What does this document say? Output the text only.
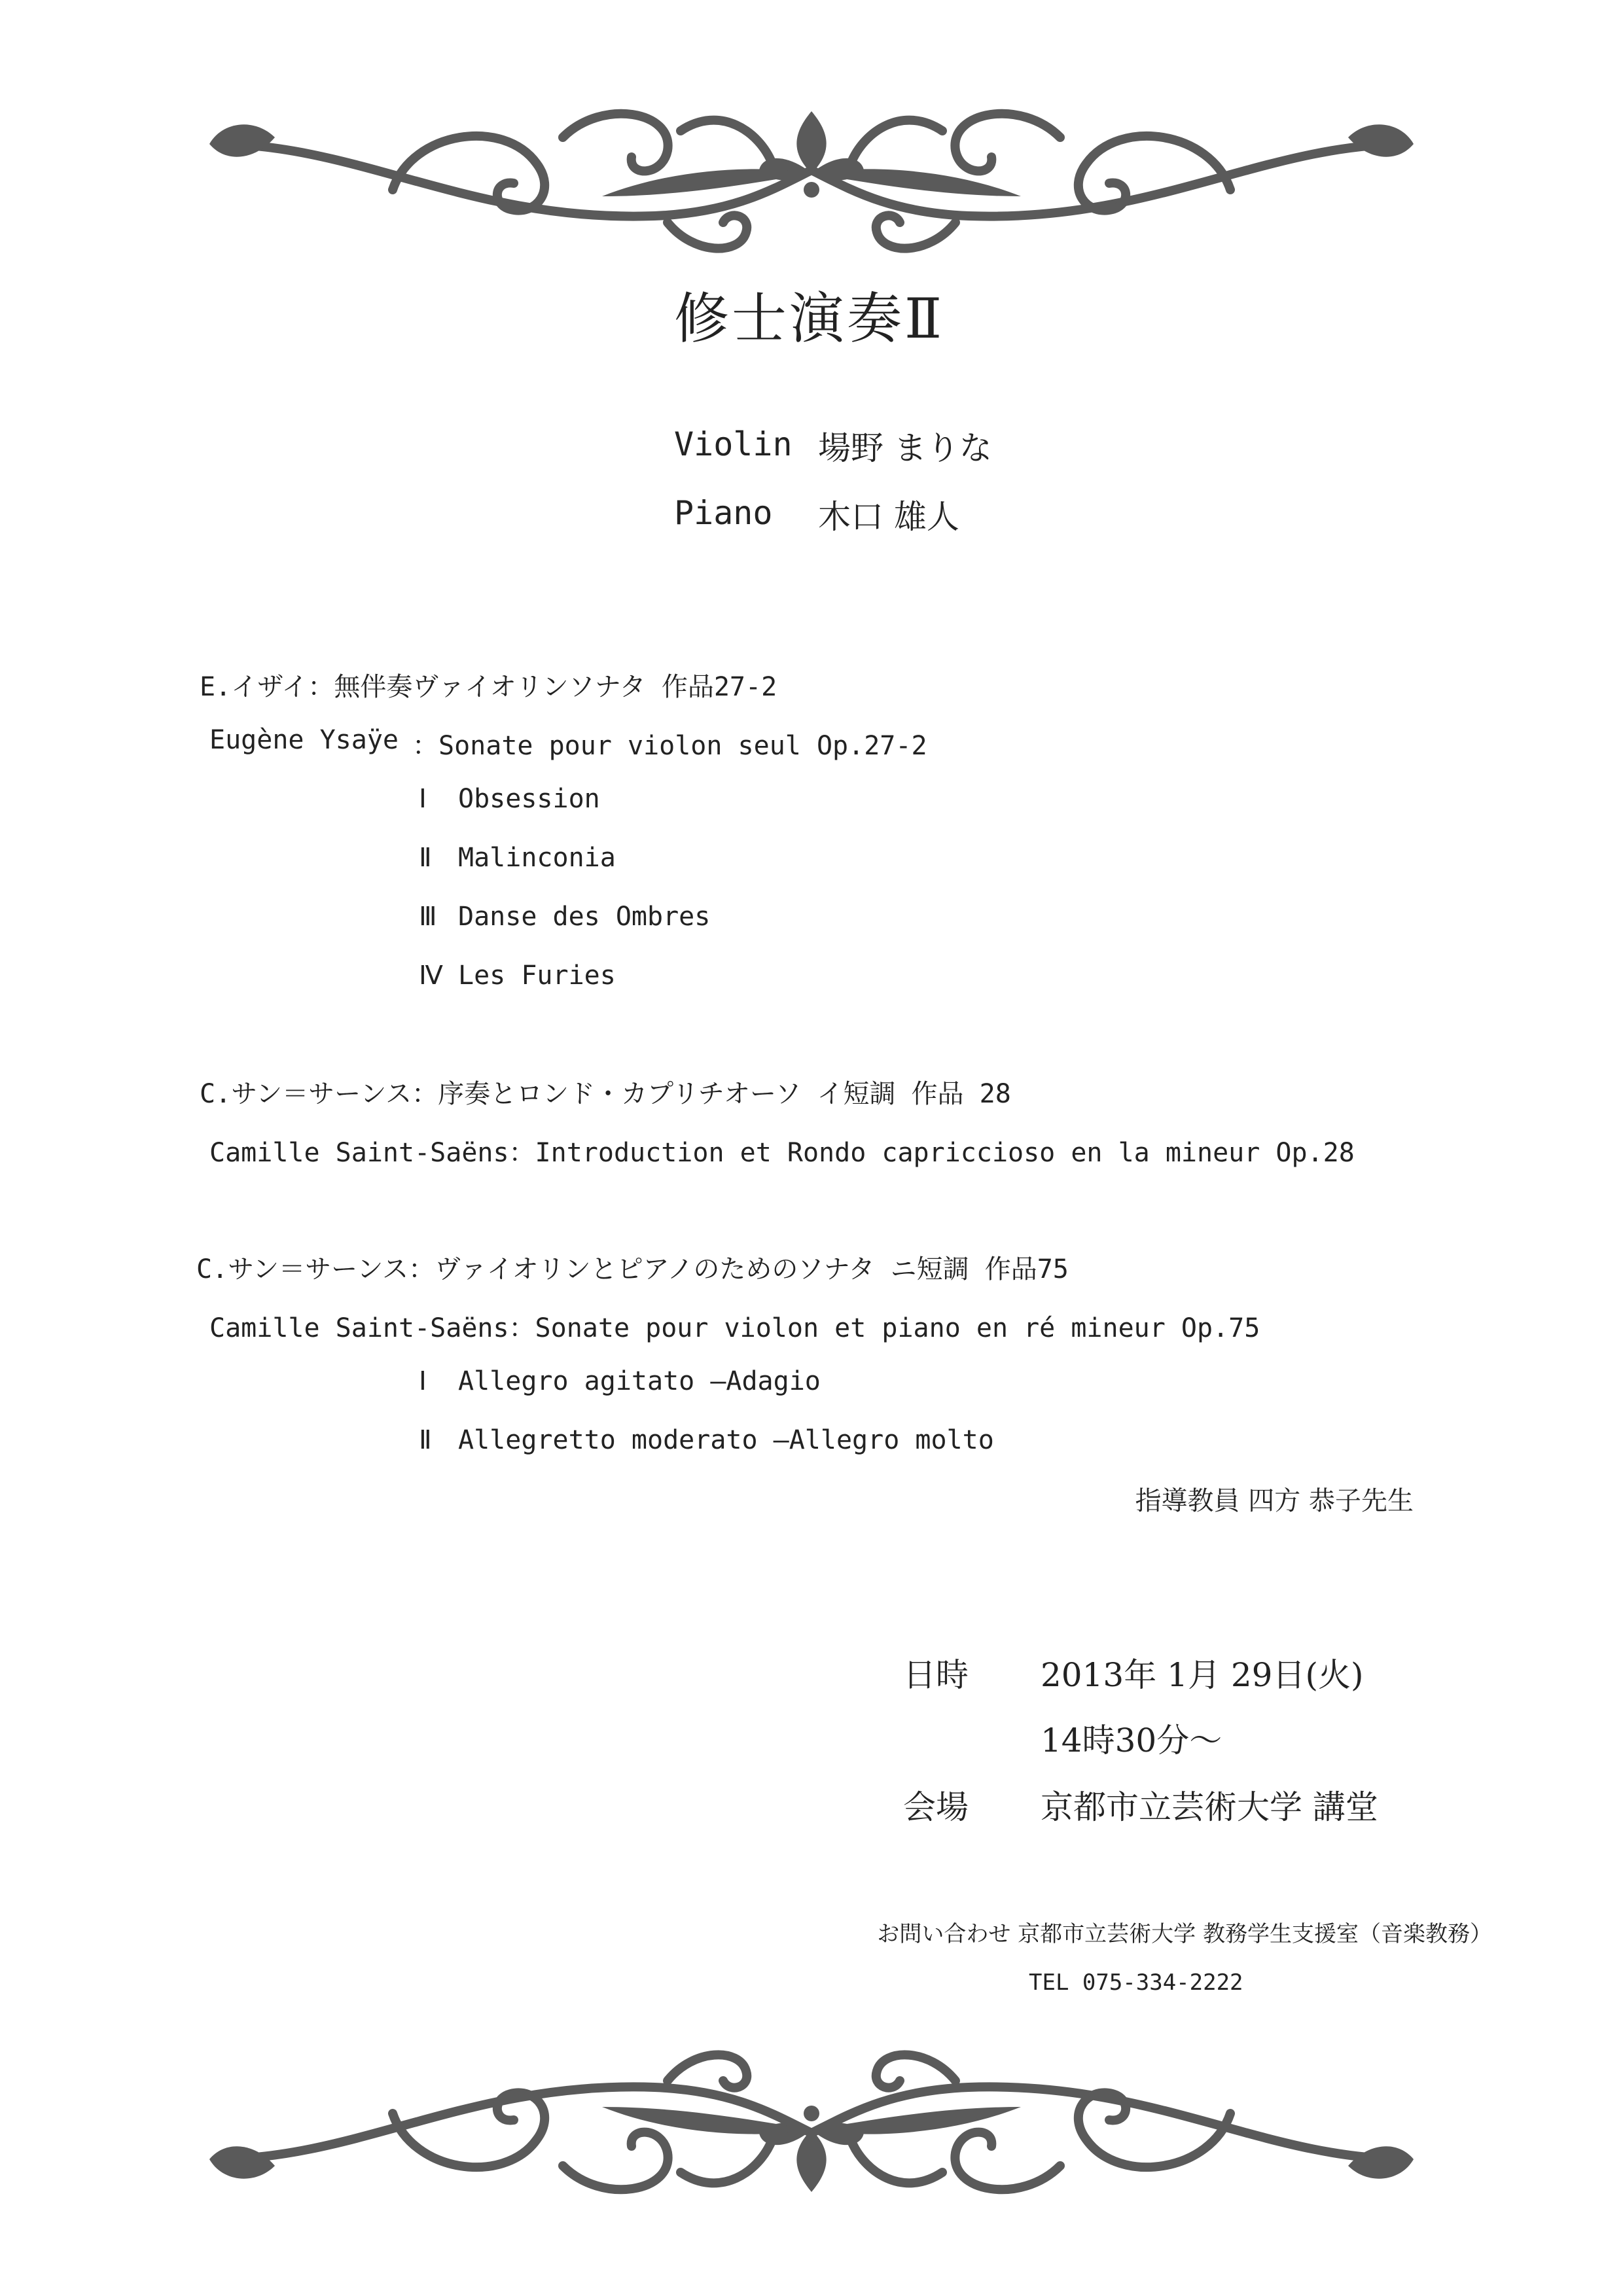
修士演奏Ⅱ
Violin 場野 まりな
Piano 木口 雄人
E.イザイ：無伴奏ヴァイオリンソナタ 作品27-2
Eugène Ysaÿe ：Sonate pour violon seul Op.27-2
Ⅰ Obsession
Ⅱ Malinconia
Ⅲ Danse des Ombres
Ⅳ Les Furies
C.サン＝サーンス：序奏とロンド・カプリチオーソ イ短調 作品 28
Camille Saint-Saëns：Introduction et Rondo capriccioso en la mineur Op.28
C.サン＝サーンス：ヴァイオリンとピアノのためのソナタ ニ短調 作品75
Camille Saint-Saëns：Sonate pour violon et piano en ré mineur Op.75
Ⅰ Allegro agitato ―Adagio
Ⅱ Allegretto moderato ―Allegro molto
指導教員 四方 恭子先生
日時 2013年 1月 29日(火)
14時30分～
会場 京都市立芸術大学 講堂
お問い合わせ 京都市立芸術大学 教務学生支援室（音楽教務）
TEL 075-334-2222
